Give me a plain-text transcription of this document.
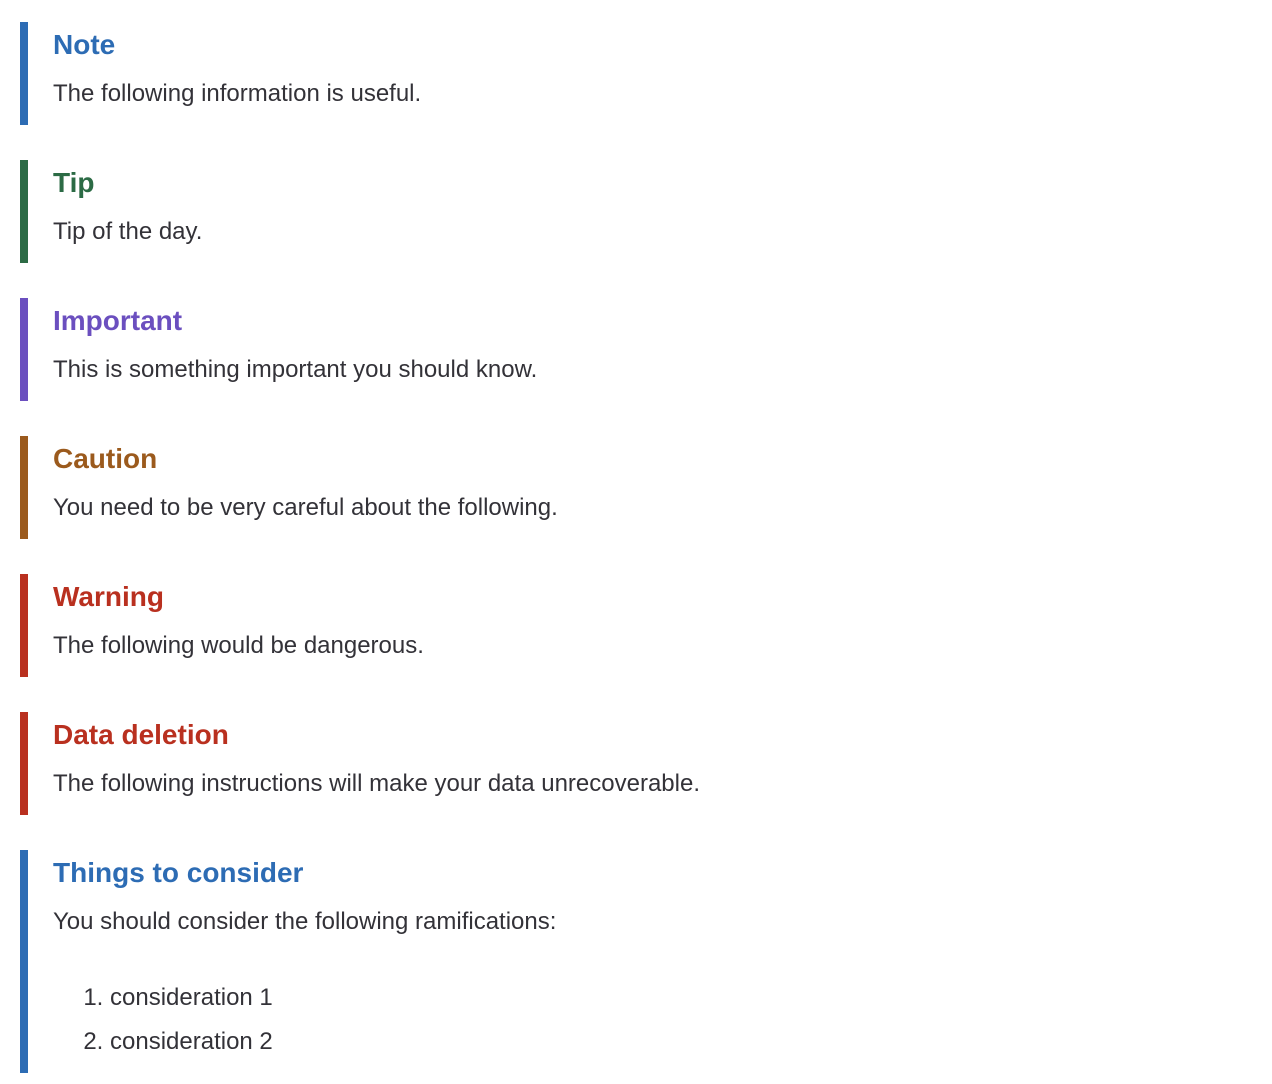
Note

The following information is useful.

Tip

Tip of the day.

Important

This is something important you should know.

Caution

You need to be very careful about the following.

Warning

The following would be dangerous.

Data deletion

The following instructions will make your data unrecoverable.

Things to consider

You should consider the following ramifications:

1. consideration 1
2. consideration 2
